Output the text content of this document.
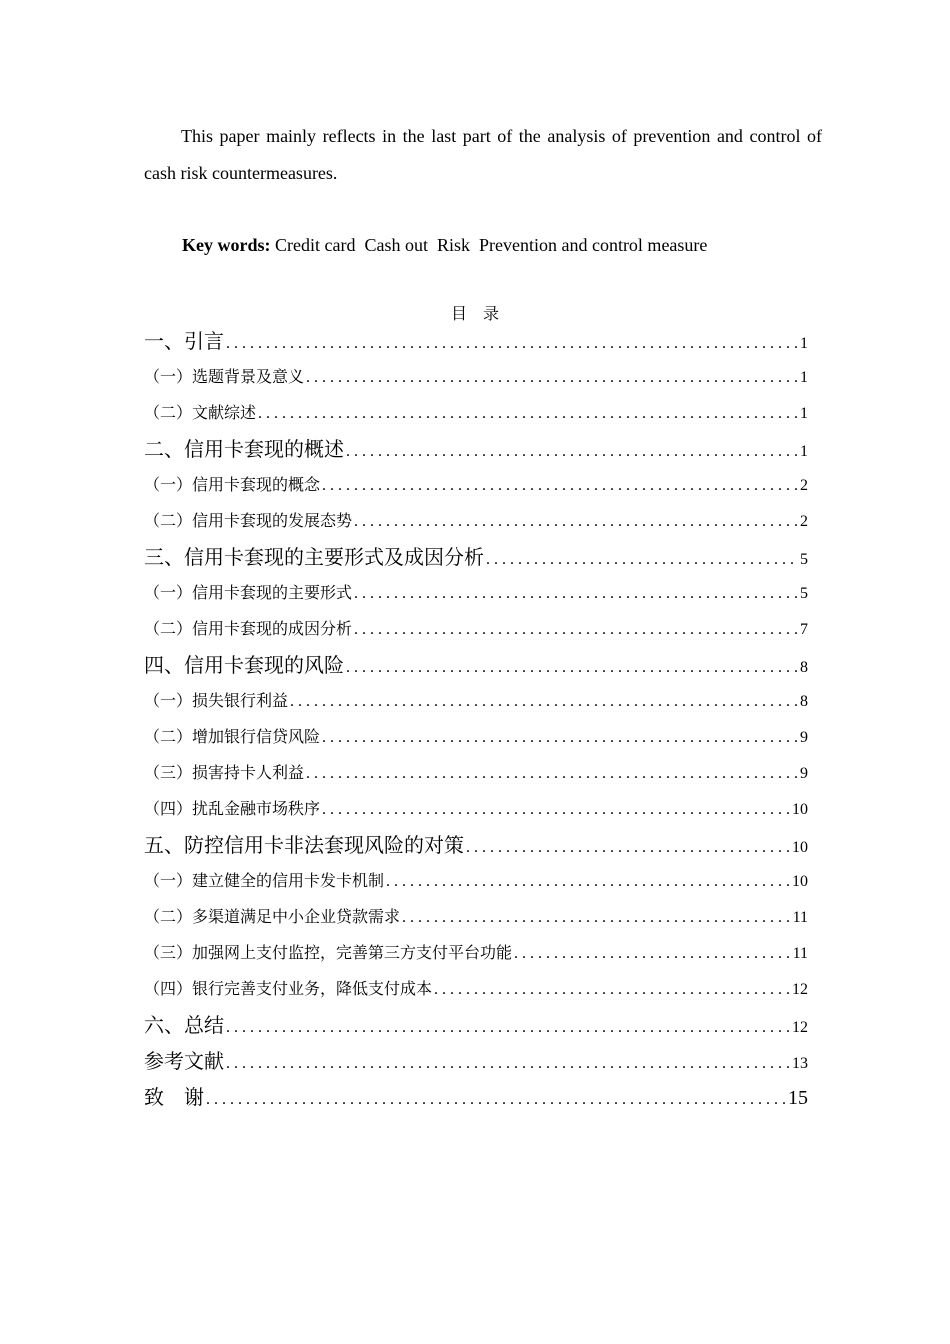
This paper mainly reflects in the last part of the analysis of prevention and control of cash risk countermeasures.

Key words: Credit card  Cash out  Risk  Prevention and control measure

目    录
一、引言 .....	1
（一）选题背景及意义 .....	1
（二）文献综述 .....	1
二、信用卡套现的概述 .....	1
（一）信用卡套现的概念 .....	2
（二）信用卡套现的发展态势 .....	2
三、信用卡套现的主要形式及成因分析 .....	5
（一）信用卡套现的主要形式 .....	5
（二）信用卡套现的成因分析 .....	7
四、信用卡套现的风险 .....	8
（一）损失银行利益 .....	8
（二）增加银行信贷风险 .....	9
（三）损害持卡人利益 .....	9
（四）扰乱金融市场秩序 .....	10
五、防控信用卡非法套现风险的对策 .....	10
（一）建立健全的信用卡发卡机制 .....	10
（二）多渠道满足中小企业贷款需求 .....	11
（三）加强网上支付监控，完善第三方支付平台功能 .....	11
（四）银行完善支付业务，降低支付成本 .....	12
六、总结 .....	12
参考文献 .....	13
致    谢 .....	15
